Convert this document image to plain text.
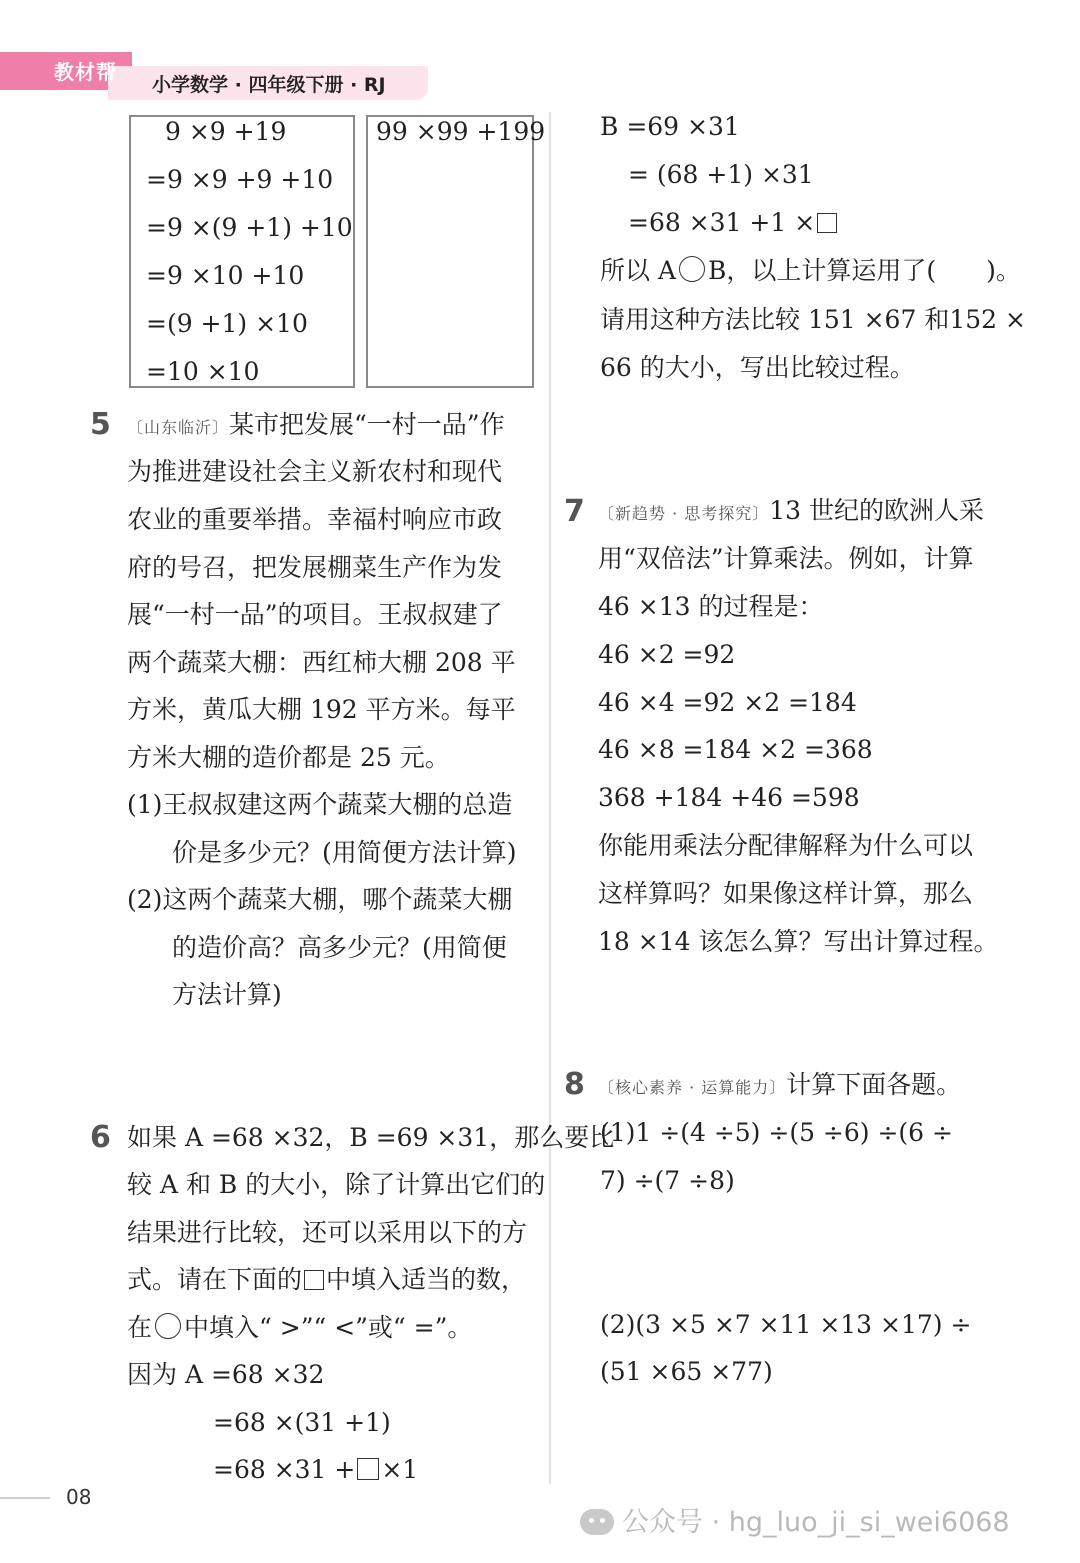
教材帮
小学数学 · 四年级下册 · RJ
9 ×9 +19
=9 ×9 +9 +10
=9 ×(9 +1) +10
=9 ×10 +10
=(9 +1) ×10
=10 ×10
99 ×99 +199
5 〔山东临沂〕某市把发展“一村一品”作
为推进建设社会主义新农村和现代
农业的重要举措。幸福村响应市政
府的号召，把发展棚菜生产作为发
展“一村一品”的项目。王叔叔建了
两个蔬菜大棚：西红柿大棚 208 平
方米，黄瓜大棚 192 平方米。每平
方米大棚的造价都是 25 元。
(1)王叔叔建这两个蔬菜大棚的总造
价是多少元？(用简便方法计算)
(2)这两个蔬菜大棚，哪个蔬菜大棚
的造价高？高多少元？(用简便
方法计算)
6 如果 A =68 ×32，B =69 ×31，那么要比
较 A 和 B 的大小，除了计算出它们的
结果进行比较，还可以采用以下的方
式。请在下面的 中填入适当的数，
在 中填入“ >”“ <”或“ =”。
因为 A =68 ×32
=68 ×(31 +1)
=68 ×31 + ×1
B =69 ×31
= (68 +1) ×31
=68 ×31 +1 ×
所以 A B，以上计算运用了(　　)。
请用这种方法比较 151 ×67 和152 ×
66 的大小，写出比较过程。
7 〔新趋势 · 思考探究〕13 世纪的欧洲人采
用“双倍法”计算乘法。例如，计算
46 ×13 的过程是：
46 ×2 =92
46 ×4 =92 ×2 =184
46 ×8 =184 ×2 =368
368 +184 +46 =598
你能用乘法分配律解释为什么可以
这样算吗？如果像这样计算，那么
18 ×14 该怎么算？写出计算过程。
8 〔核心素养 · 运算能力〕计算下面各题。
(1)1 ÷(4 ÷5) ÷(5 ÷6) ÷(6 ÷
7) ÷(7 ÷8)
(2)(3 ×5 ×7 ×11 ×13 ×17) ÷
(51 ×65 ×77)
08
公众号 · hg_luo_ji_si_wei6068
